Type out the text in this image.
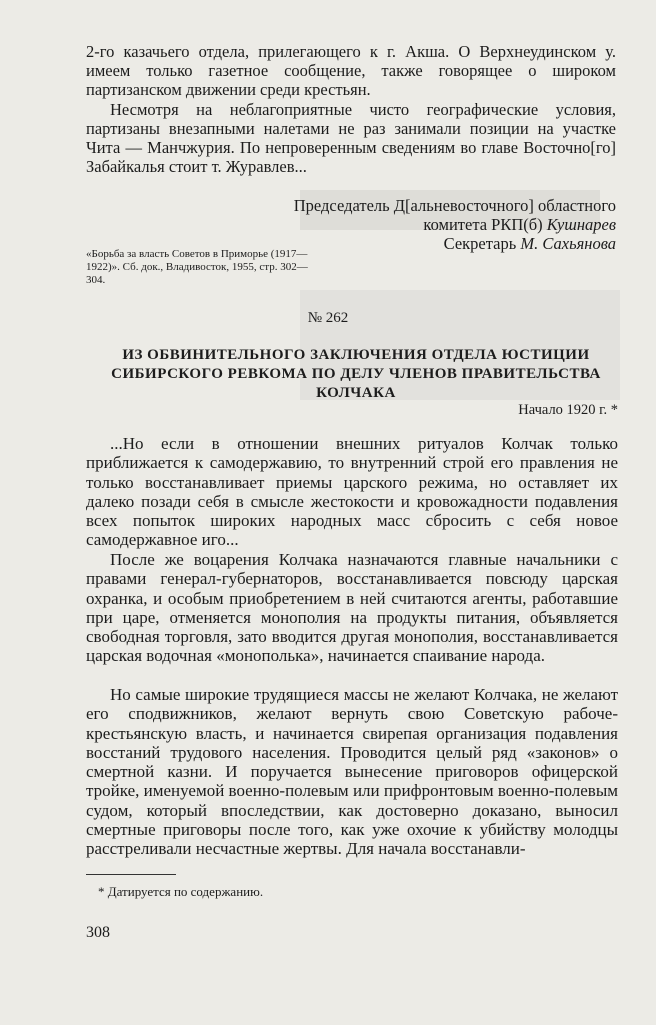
2-го казачьего отдела, прилегающего к г. Акша. О Верхнеудинском у. имеем только газетное сообщение, также говорящее о широком партизанском движении среди крестьян.

Несмотря на неблагоприятные чисто географические условия, партизаны внезапными налетами не раз занимали позиции на участке Чита — Манчжурия. По непроверенным сведениям во главе Восточно[го] Забайкалья стоит т. Журавлев...

Председатель Д[альневосточного] областного

комитета РКП(б) Кушнарев

Секретарь М. Сахьянова

«Борьба за власть Советов в Приморье (1917—1922)». Сб. док., Владивосток, 1955, стр. 302—304.

№ 262

ИЗ ОБВИНИТЕЛЬНОГО ЗАКЛЮЧЕНИЯ ОТДЕЛА ЮСТИЦИИ СИБИРСКОГО РЕВКОМА ПО ДЕЛУ ЧЛЕНОВ ПРАВИТЕЛЬСТВА КОЛЧАКА

Начало 1920 г. *

...Но если в отношении внешних ритуалов Колчак только приближается к самодержавию, то внутренний строй его правления не только восстанавливает приемы царского режима, но оставляет их далеко позади себя в смысле жестокости и кровожадности подавления всех попыток широких народных масс сбросить с себя новое самодержавное иго...

После же воцарения Колчака назначаются главные начальники с правами генерал-губернаторов, восстанавливается повсюду царская охранка, и особым приобретением в ней считаются агенты, работавшие при царе, отменяется монополия на продукты питания, объявляется свободная торговля, зато вводится другая монополия, восстанавливается царская водочная «монополька», начинается спаивание народа.

Но самые широкие трудящиеся массы не желают Колчака, не желают его сподвижников, желают вернуть свою Советскую рабоче-крестьянскую власть, и начинается свирепая организация подавления восстаний трудового населения. Проводится целый ряд «законов» о смертной казни. И поручается вынесение приговоров офицерской тройке, именуемой военно-полевым или прифронтовым военно-полевым судом, который впоследствии, как достоверно доказано, выносил смертные приговоры после того, как уже охочие к убийству молодцы расстреливали несчастные жертвы. Для начала восстанавли-

* Датируется по содержанию.

308
